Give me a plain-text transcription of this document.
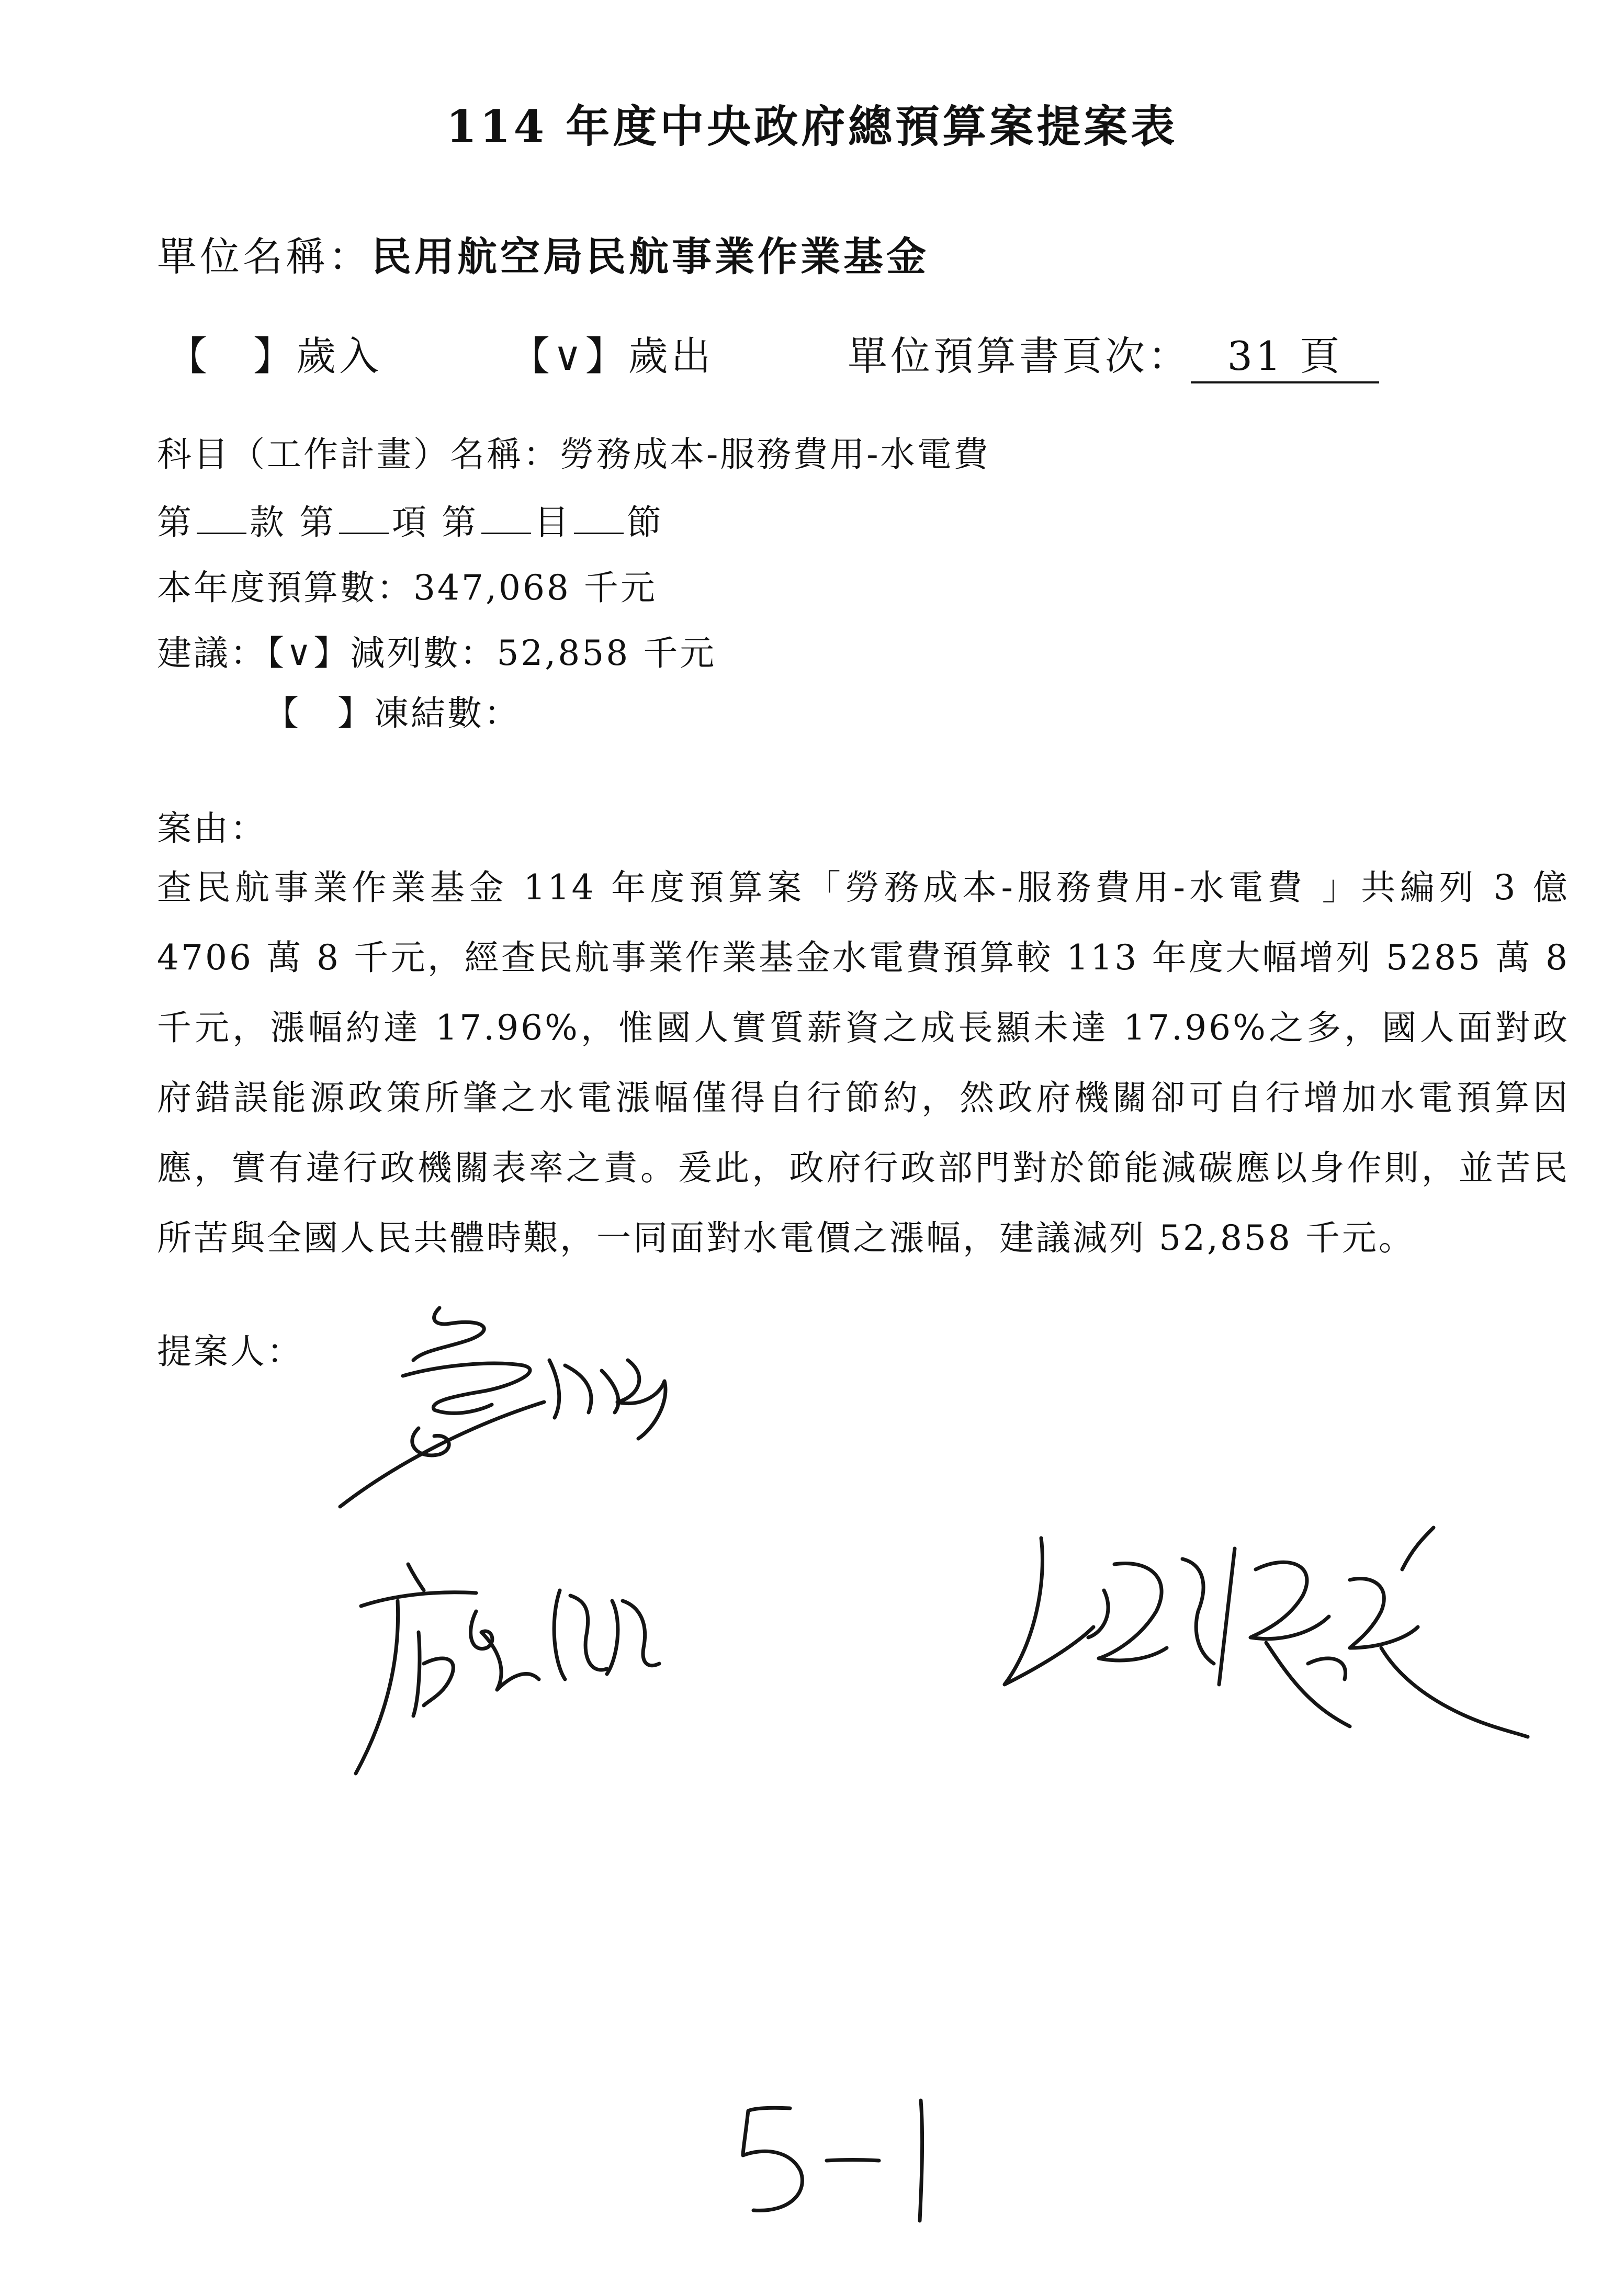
114 年度中央政府總預算案提案表
單位名稱：民用航空局民航事業作業基金
【　】歲入	【∨】歲出	單位預算書頁次： 31 頁
科目（工作計畫）名稱：勞務成本-服務費用-水電費
第 款 第 項 第 目 節
本年度預算數：347,068 千元
建議：【∨】減列數：52,858 千元
【　】凍結數：
案由：
查民航事業作業基金 114 年度預算案「勞務成本-服務費用-水電費 」共編列 3 億 4706 萬 8 千元，經查民航事業作業基金水電費預算較 113 年度大幅增列 5285 萬 8 千元，漲幅約達 17.96%，惟國人實質薪資之成長顯未達 17.96%之多，國人面對政府錯誤能源政策所肇之水電漲幅僅得自行節約，然政府機關卻可自行增加水電預算因應，實有違行政機關表率之責。爰此，政府行政部門對於節能減碳應以身作則，並苦民所苦與全國人民共體時艱，一同面對水電價之漲幅，建議減列 52,858 千元。
提案人：
